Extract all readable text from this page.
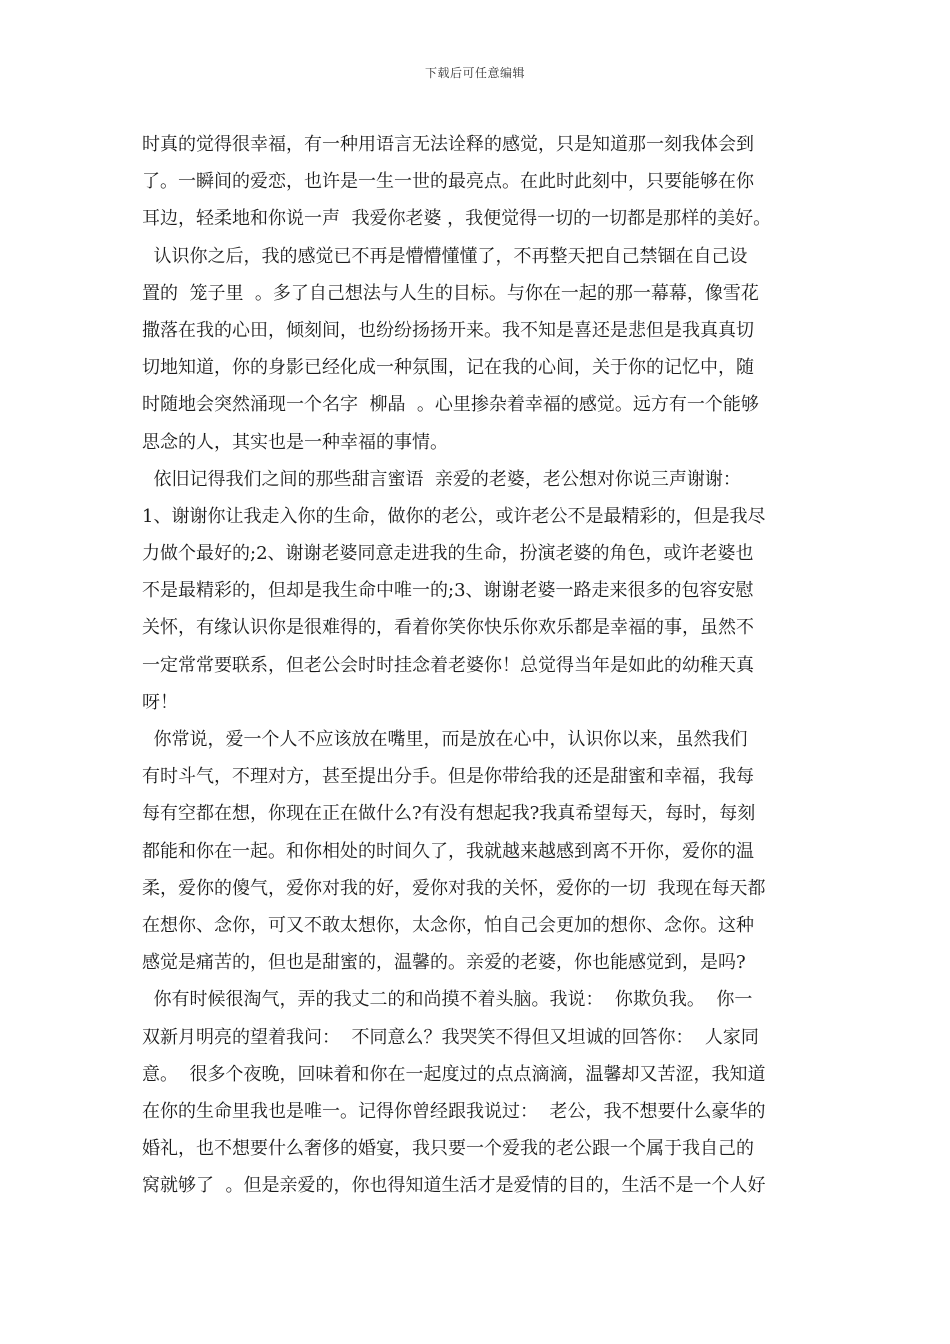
下载后可任意编辑
时真的觉得很幸福，有一种用语言无法诠释的感觉，只是知道那一刻我体会到
了。一瞬间的爱恋，也许是一生一世的最亮点。在此时此刻中，只要能够在你
耳边，轻柔地和你说一声  我爱你老婆 ，我便觉得一切的一切都是那样的美好。
认识你之后，我的感觉已不再是懵懵懂懂了，不再整天把自己禁锢在自己设
置的  笼子里  。多了自己想法与人生的目标。与你在一起的那一幕幕，像雪花
撒落在我的心田，倾刻间，也纷纷扬扬开来。我不知是喜还是悲但是我真真切
切地知道，你的身影已经化成一种氛围，记在我的心间，关于你的记忆中，随
时随地会突然涌现一个名字  柳晶  。心里掺杂着幸福的感觉。远方有一个能够
思念的人，其实也是一种幸福的事情。
依旧记得我们之间的那些甜言蜜语  亲爱的老婆，老公想对你说三声谢谢：
1、谢谢你让我走入你的生命，做你的老公，或许老公不是最精彩的，但是我尽
力做个最好的;2、谢谢老婆同意走进我的生命，扮演老婆的角色，或许老婆也
不是最精彩的，但却是我生命中唯一的;3、谢谢老婆一路走来很多的包容安慰
关怀，有缘认识你是很难得的，看着你笑你快乐你欢乐都是幸福的事，虽然不
一定常常要联系，但老公会时时挂念着老婆你！总觉得当年是如此的幼稚天真
呀！
你常说，爱一个人不应该放在嘴里，而是放在心中，认识你以来，虽然我们
有时斗气，不理对方，甚至提出分手。但是你带给我的还是甜蜜和幸福，我每
每有空都在想，你现在正在做什么?有没有想起我?我真希望每天，每时，每刻
都能和你在一起。和你相处的时间久了，我就越来越感到离不开你，爱你的温
柔，爱你的傻气，爱你对我的好，爱你对我的关怀，爱你的一切  我现在每天都
在想你、念你，可又不敢太想你，太念你，怕自己会更加的想你、念你。这种
感觉是痛苦的，但也是甜蜜的，温馨的。亲爱的老婆，你也能感觉到，是吗?
你有时候很淘气，弄的我丈二的和尚摸不着头脑。我说：  你欺负我。  你一
双新月明亮的望着我问：  不同意么？我哭笑不得但又坦诚的回答你：  人家同
意。  很多个夜晚，回味着和你在一起度过的点点滴滴，温馨却又苦涩，我知道
在你的生命里我也是唯一。记得你曾经跟我说过：  老公，我不想要什么豪华的
婚礼，也不想要什么奢侈的婚宴，我只要一个爱我的老公跟一个属于我自己的
窝就够了  。但是亲爱的，你也得知道生活才是爱情的目的，生活不是一个人好
